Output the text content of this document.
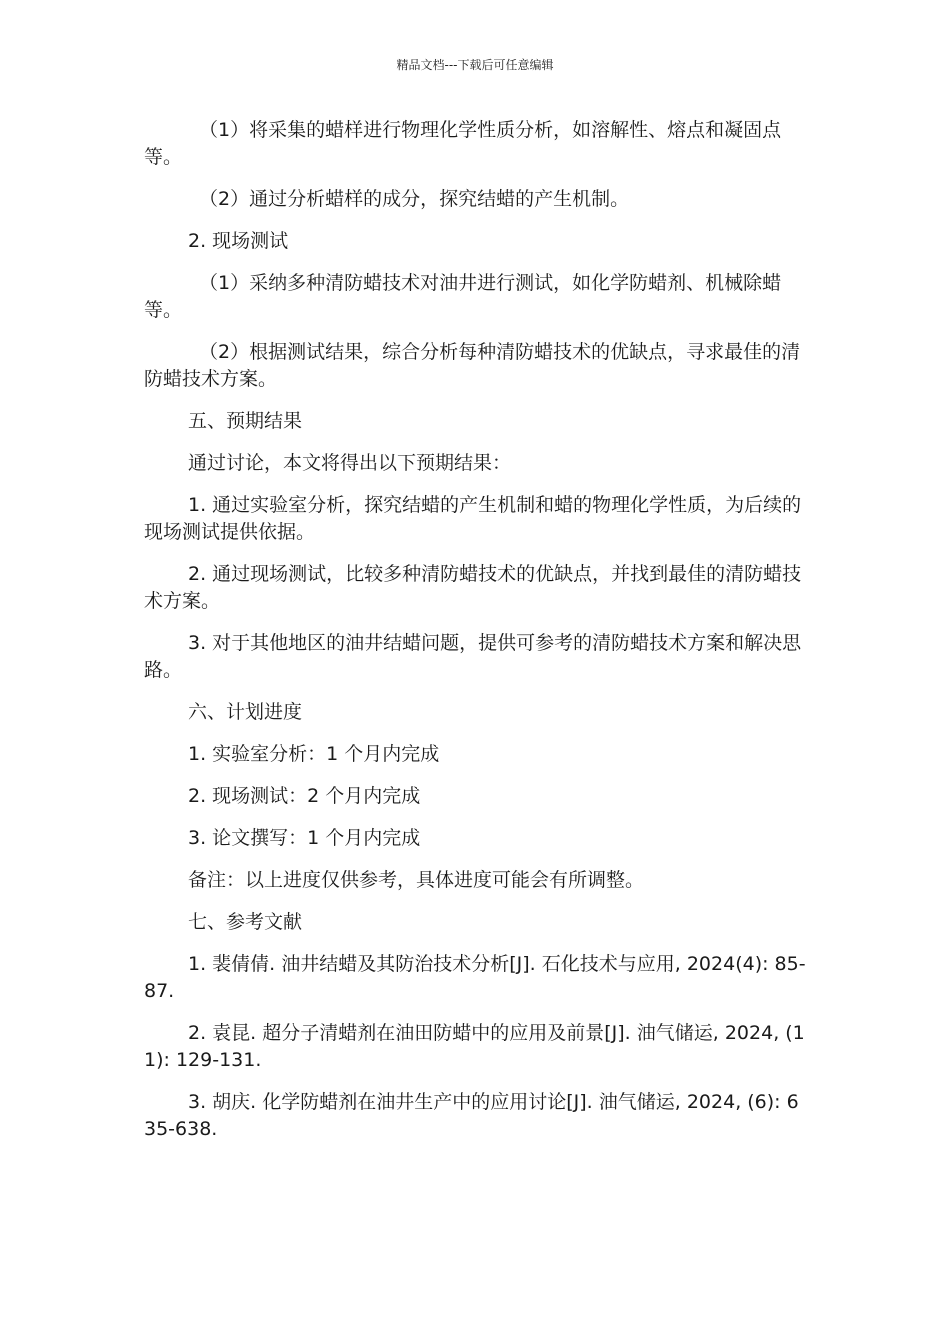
精品文档---下载后可任意编辑

（1）将采集的蜡样进行物理化学性质分析，如溶解性、熔点和凝固点等。

（2）通过分析蜡样的成分，探究结蜡的产生机制。

2. 现场测试

（1）采纳多种清防蜡技术对油井进行测试，如化学防蜡剂、机械除蜡等。

（2）根据测试结果，综合分析每种清防蜡技术的优缺点，寻求最佳的清防蜡技术方案。

五、预期结果

通过讨论，本文将得出以下预期结果：

1. 通过实验室分析，探究结蜡的产生机制和蜡的物理化学性质，为后续的现场测试提供依据。

2. 通过现场测试，比较多种清防蜡技术的优缺点，并找到最佳的清防蜡技术方案。

3. 对于其他地区的油井结蜡问题，提供可参考的清防蜡技术方案和解决思路。

六、计划进度

1. 实验室分析：1 个月内完成

2. 现场测试：2 个月内完成

3. 论文撰写：1 个月内完成

备注：以上进度仅供参考，具体进度可能会有所调整。

七、参考文献

1. 裴倩倩. 油井结蜡及其防治技术分析[J]. 石化技术与应用, 2024(4): 85-87.

2. 袁昆. 超分子清蜡剂在油田防蜡中的应用及前景[J]. 油气储运, 2024, (11): 129-131.

3. 胡庆. 化学防蜡剂在油井生产中的应用讨论[J]. 油气储运, 2024, (6): 635-638.
